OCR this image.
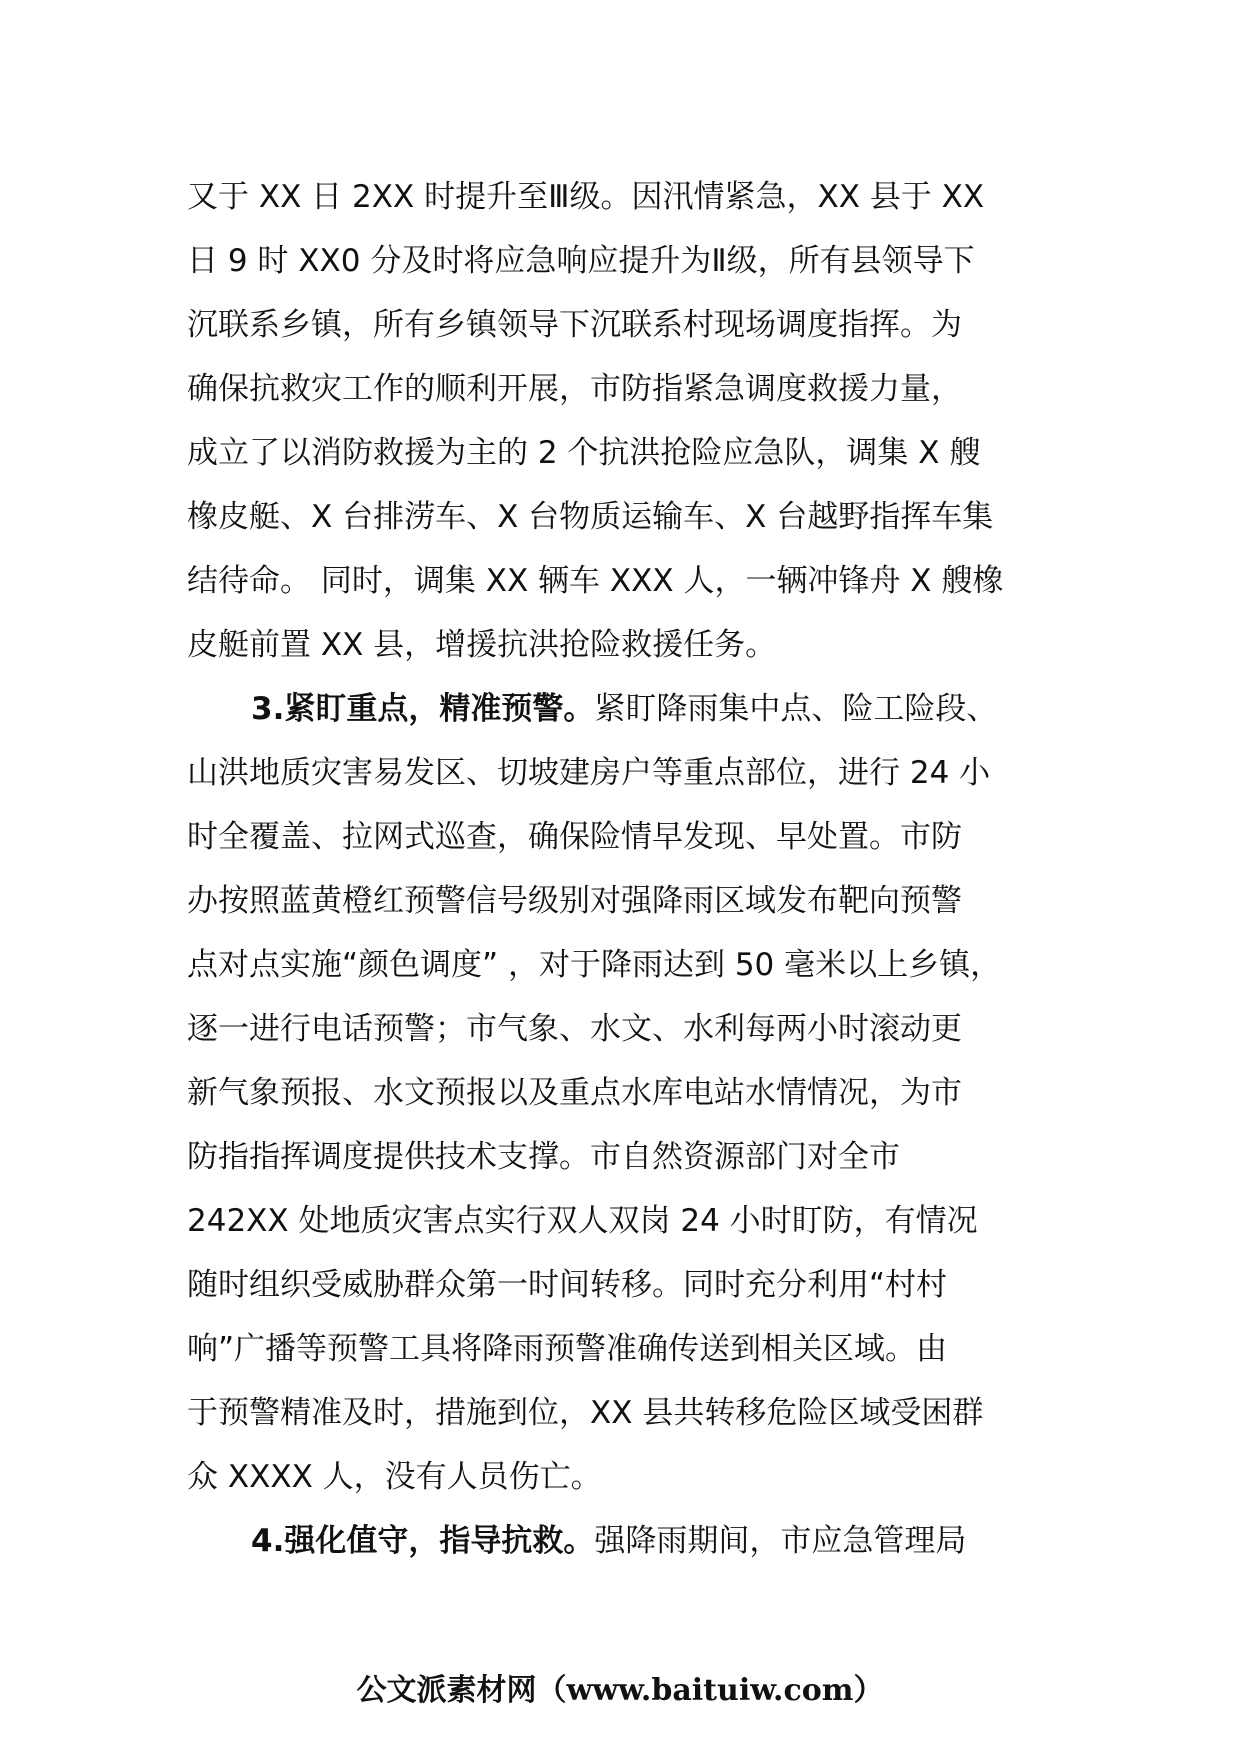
又于 XX 日 2XX 时提升至Ⅲ级。因汛情紧急，XX 县于 XX
日 9 时 XX0 分及时将应急响应提升为Ⅱ级，所有县领导下
沉联系乡镇，所有乡镇领导下沉联系村现场调度指挥。为
确保抗救灾工作的顺利开展，市防指紧急调度救援力量，
成立了以消防救援为主的 2 个抗洪抢险应急队，调集 X 艘
橡皮艇、X 台排涝车、X 台物质运输车、X 台越野指挥车集
结待命。 同时，调集 XX 辆车 XXX 人，一辆冲锋舟 X 艘橡
皮艇前置 XX 县，增援抗洪抢险救援任务。
3.紧盯重点，精准预警。紧盯降雨集中点、险工险段、
山洪地质灾害易发区、切坡建房户等重点部位，进行 24 小
时全覆盖、拉网式巡查，确保险情早发现、早处置。市防
办按照蓝黄橙红预警信号级别对强降雨区域发布靶向预警
点对点实施“颜色调度” ，对于降雨达到 50 毫米以上乡镇，
逐一进行电话预警；市气象、水文、水利每两小时滚动更
新气象预报、水文预报以及重点水库电站水情情况，为市
防指指挥调度提供技术支撑。市自然资源部门对全市
242XX 处地质灾害点实行双人双岗 24 小时盯防，有情况
随时组织受威胁群众第一时间转移。同时充分利用“村村
响”广播等预警工具将降雨预警准确传送到相关区域。由
于预警精准及时，措施到位，XX 县共转移危险区域受困群
众 XXXX 人，没有人员伤亡。
4.强化值守，指导抗救。强降雨期间，市应急管理局
公文派素材网（www.baituiw.com）
